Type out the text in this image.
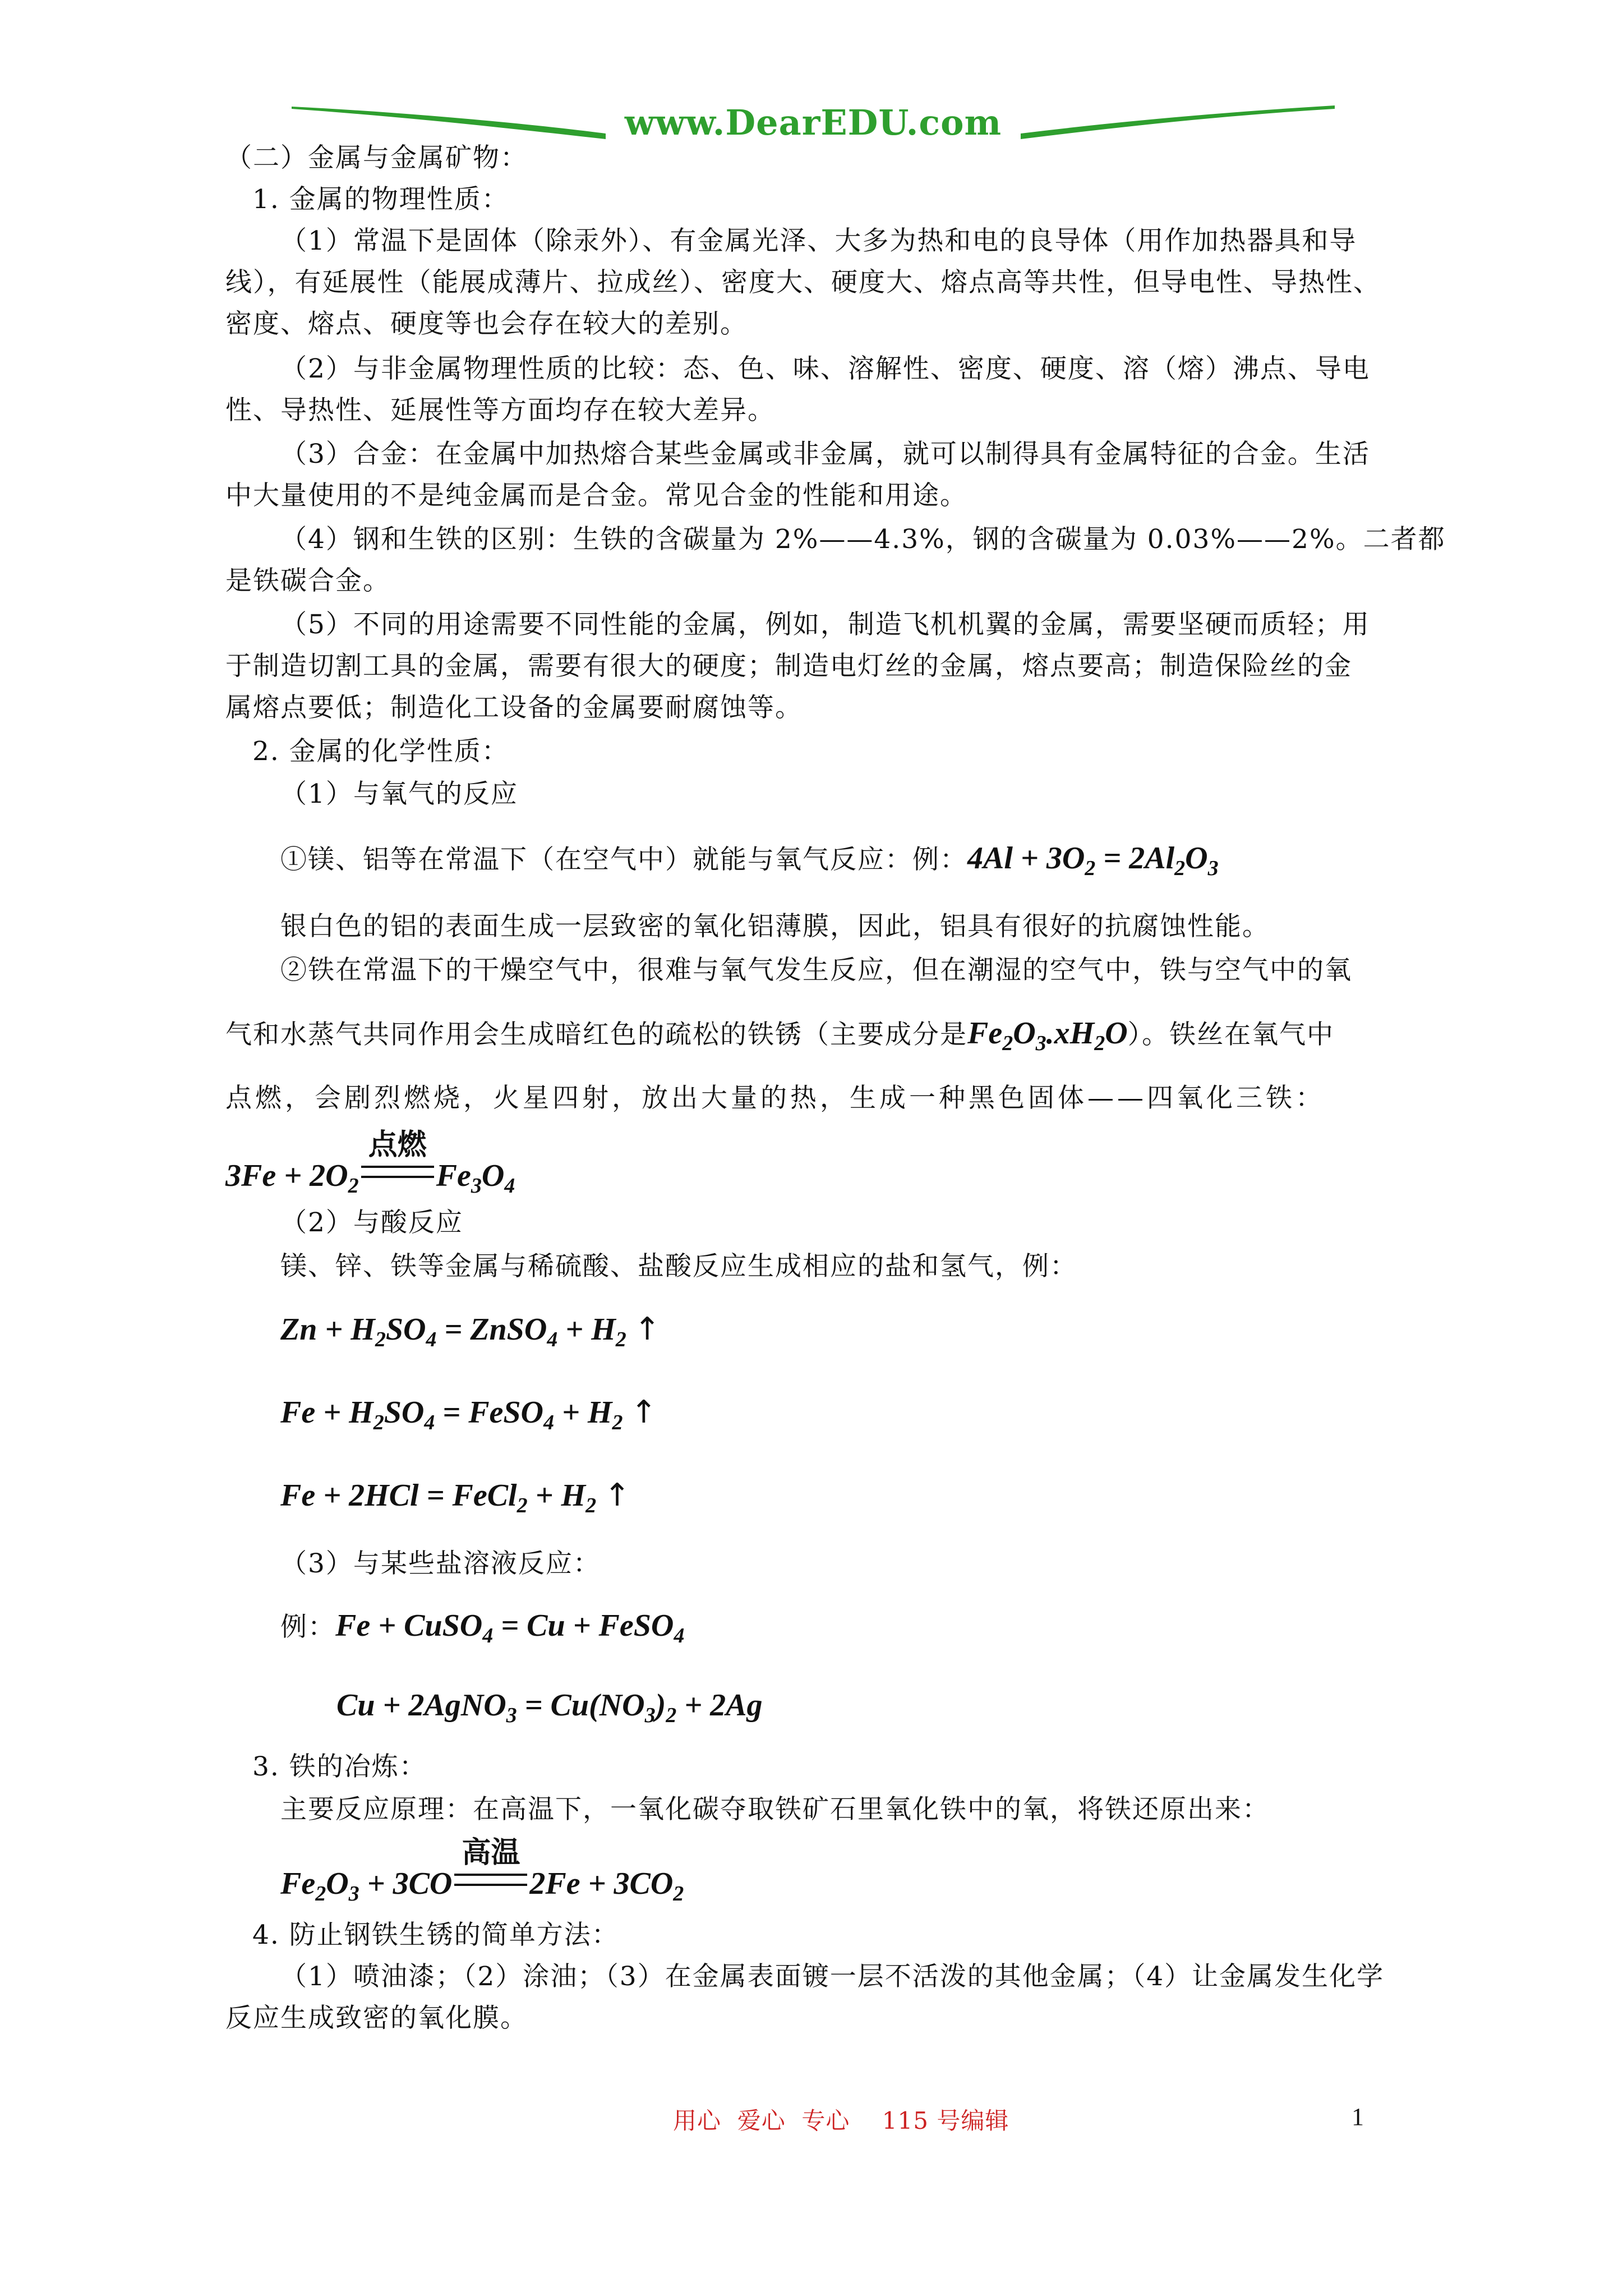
www.DearEDU.com
（二）金属与金属矿物：
1. 金属的物理性质：
（1）常温下是固体（除汞外）、有金属光泽、大多为热和电的良导体（用作加热器具和导
线），有延展性（能展成薄片、拉成丝）、密度大、硬度大、熔点高等共性，但导电性、导热性、
密度、熔点、硬度等也会存在较大的差别。
（2）与非金属物理性质的比较：态、色、味、溶解性、密度、硬度、溶（熔）沸点、导电
性、导热性、延展性等方面均存在较大差异。
（3）合金：在金属中加热熔合某些金属或非金属，就可以制得具有金属特征的合金。生活
中大量使用的不是纯金属而是合金。常见合金的性能和用途。
（4）钢和生铁的区别：生铁的含碳量为 2%——4.3%，钢的含碳量为 0.03%——2%。二者都
是铁碳合金。
（5）不同的用途需要不同性能的金属，例如，制造飞机机翼的金属，需要坚硬而质轻；用
于制造切割工具的金属，需要有很大的硬度；制造电灯丝的金属，熔点要高；制造保险丝的金
属熔点要低；制造化工设备的金属要耐腐蚀等。
2. 金属的化学性质：
（1）与氧气的反应
①镁、铝等在常温下（在空气中）就能与氧气反应：例：$4Al + 3O_2 = 2Al_2O_3$
银白色的铝的表面生成一层致密的氧化铝薄膜，因此，铝具有很好的抗腐蚀性能。
②铁在常温下的干燥空气中，很难与氧气发生反应，但在潮湿的空气中，铁与空气中的氧
气和水蒸气共同作用会生成暗红色的疏松的铁锈（主要成分是$Fe_2O_3.xH_2O$）。铁丝在氧气中
点燃，会剧烈燃烧，火星四射，放出大量的热，生成一种黑色固体——四氧化三铁：
$3Fe + 2O_2$
点燃
$Fe_3O_4$
（2）与酸反应
镁、锌、铁等金属与稀硫酸、盐酸反应生成相应的盐和氢气，例：
$Zn + H_2SO_4$ = ZnSO$_4$ + $H_2$ ↑
$Fe + H_2SO_4$ = FeSO$_4$ + $H_2$ ↑
Fe + 2HCl = FeCl$_2$ + $H_2$ ↑
（3）与某些盐溶液反应：
例：Fe + CuSO$_4$ = Cu + FeSO$_4$
Cu + 2AgNO$_3$ = $Cu(NO_3)_2 + 2Ag$
3. 铁的冶炼：
主要反应原理：在高温下，一氧化碳夺取铁矿石里氧化铁中的氧，将铁还原出来：
$Fe_2O_3 + 3CO$
高温
$2Fe + 3CO_2$
4. 防止钢铁生锈的简单方法：
（1）喷油漆；（2）涂油；（3）在金属表面镀一层不活泼的其他金属；（4）让金属发生化学
反应生成致密的氧化膜。
用心  爱心  专心    115 号编辑	1
